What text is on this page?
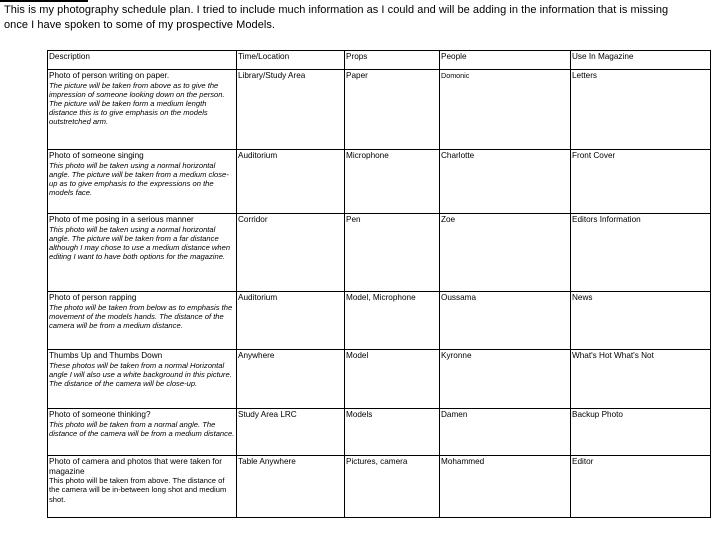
This is my photography schedule plan. I tried to include much information as I could and will be adding in the information that is missing
once I have spoken to some of my prospective Models.
Description	Time/Location	Props	People	Use In Magazine

Photo of person writing on paper.
The picture will be taken from above as to give the impression of someone looking down on the person. The picture will be taken form a medium length distance this is to give emphasis on the models outstretched arm.	Library/Study Area	Paper	Domonic	Letters

Photo of someone singing
This photo will be taken using a normal horizontal angle. The picture will be taken from a medium close-up as to give emphasis to the expressions on the models face.	Auditorium	Microphone	Charlotte	Front Cover

Photo of me posing in a serious manner
This photo will be taken using a normal horizontal angle. The picture will be taken from a far distance although I may chose to use a medium distance when editing I want to have both options for the magazine.	Corridor	Pen	Zoe	Editors Information

Photo of person rapping
The photo will be taken from below as to emphasis the movement of the models hands. The distance of the camera will be from a medium distance.	Auditorium	Model, Microphone	Oussama	News

Thumbs Up and Thumbs Down
These photos will be taken from a normal Horizontal angle I will also use a white background in this picture. The distance of the camera will be close-up.	Anywhere	Model	Kyronne	What's Hot What's Not

Photo of someone thinking?
This photo will be taken from a normal angle. The distance of the camera will be from a medium distance.	Study Area LRC	Models	Damen	Backup Photo

Photo of camera and photos that were taken for magazine
This photo will be taken from above. The distance of the camera will be in-between long shot and medium shot.	Table Anywhere	Pictures, camera	Mohammed	Editor
